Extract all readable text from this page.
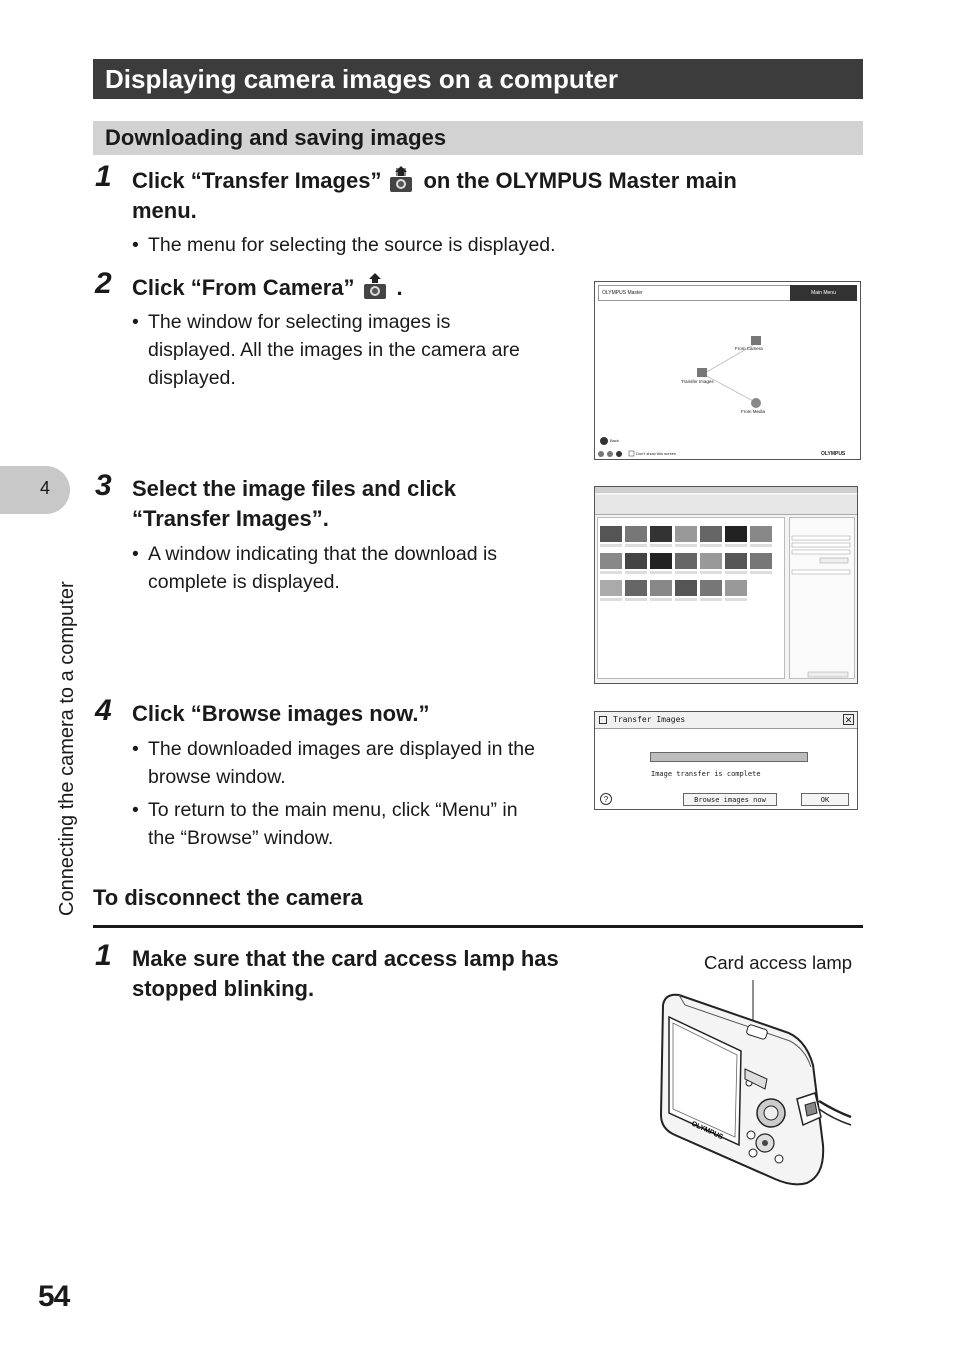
Displaying camera images on a computer
Downloading and saving images
1 Click “Transfer Images” on the OLYMPUS Master main
menu.
• The menu for selecting the source is displayed.
2 Click “From Camera” .
• The window for selecting images is
displayed. All the images in the camera are
displayed.
OLYMPUS Master	Main Menu
From Camera
Transfer Images
From Media
Back
Don't show this screen	OLYMPUS
3 Select the image files and click
“Transfer Images”.
• A window indicating that the download is
complete is displayed.
4 Click “Browse images now.”
• The downloaded images are displayed in the
browse window.
• To return to the main menu, click “Menu” in
the “Browse” window.
Transfer Images	✕
Image transfer is complete
?	Browse images now	OK
To disconnect the camera
1 Make sure that the card access lamp has
stopped blinking.
Card access lamp
OLYMPUS
4
Connecting the camera to a computer
54
